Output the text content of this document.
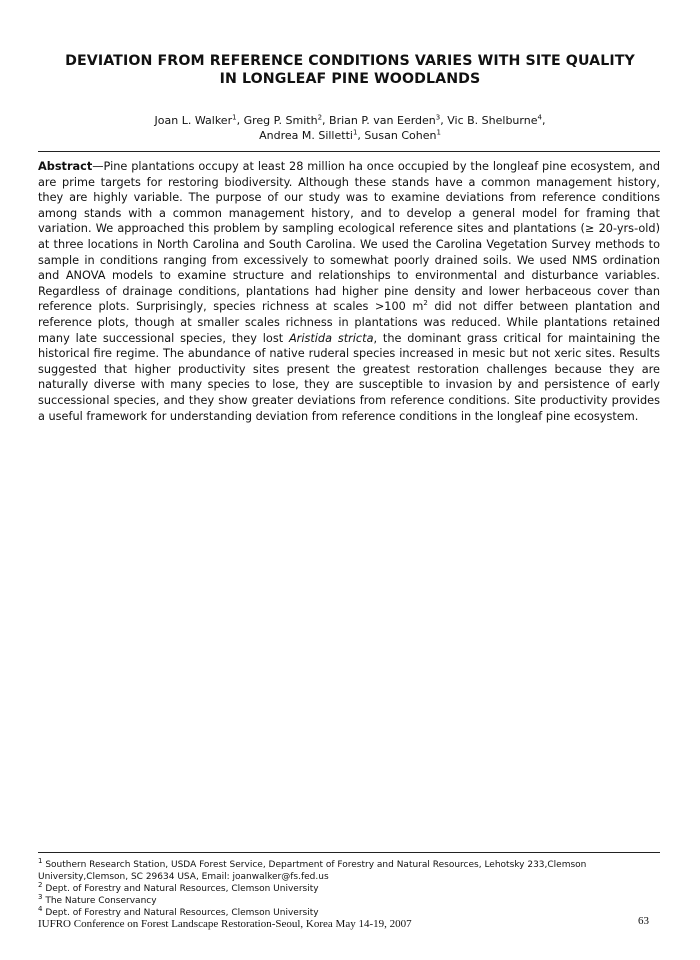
DEVIATION FROM REFERENCE CONDITIONS VARIES WITH SITE QUALITY
IN LONGLEAF PINE WOODLANDS
Joan L. Walker$^1$, Greg P. Smith$^2$, Brian P. van Eerden$^3$, Vic B. Shelburne$^4$,
Andrea M. Silletti$^1$, Susan Cohen$^1$
Abstract—Pine plantations occupy at least 28 million ha once occupied by the longleaf pine ecosystem, and are prime targets for restoring biodiversity. Although these stands have a common management history, they are highly variable. The purpose of our study was to examine deviations from reference conditions among stands with a common management history, and to develop a general model for framing that variation. We approached this problem by sampling ecological reference sites and plantations (≥ 20-yrs-old) at three locations in North Carolina and South Carolina. We used the Carolina Vegetation Survey methods to sample in conditions ranging from excessively to somewhat poorly drained soils. We used NMS ordination and ANOVA models to examine structure and relationships to environmental and disturbance variables. Regardless of drainage conditions, plantations had higher pine density and lower herbaceous cover than reference plots. Surprisingly, species richness at scales >100 $m^2$ did not differ between plantation and reference plots, though at smaller scales richness in plantations was reduced. While plantations retained many late successional species, they lost Aristida stricta, the dominant grass critical for maintaining the historical fire regime. The abundance of native ruderal species increased in mesic but not xeric sites. Results suggested that higher productivity sites present the greatest restoration challenges because they are naturally diverse with many species to lose, they are susceptible to invasion by and persistence of early successional species, and they show greater deviations from reference conditions. Site productivity provides a useful framework for understanding deviation from reference conditions in the longleaf pine ecosystem.
$^1$ Southern Research Station, USDA Forest Service, Department of Forestry and Natural Resources, Lehotsky 233,Clemson University,Clemson, SC 29634 USA, Email: joanwalker@fs.fed.us
$^2$ Dept. of Forestry and Natural Resources, Clemson University
$^3$ The Nature Conservancy
$^4$ Dept. of Forestry and Natural Resources, Clemson University
IUFRO Conference on Forest Landscape Restoration-Seoul, Korea May 14-19, 2007	63
